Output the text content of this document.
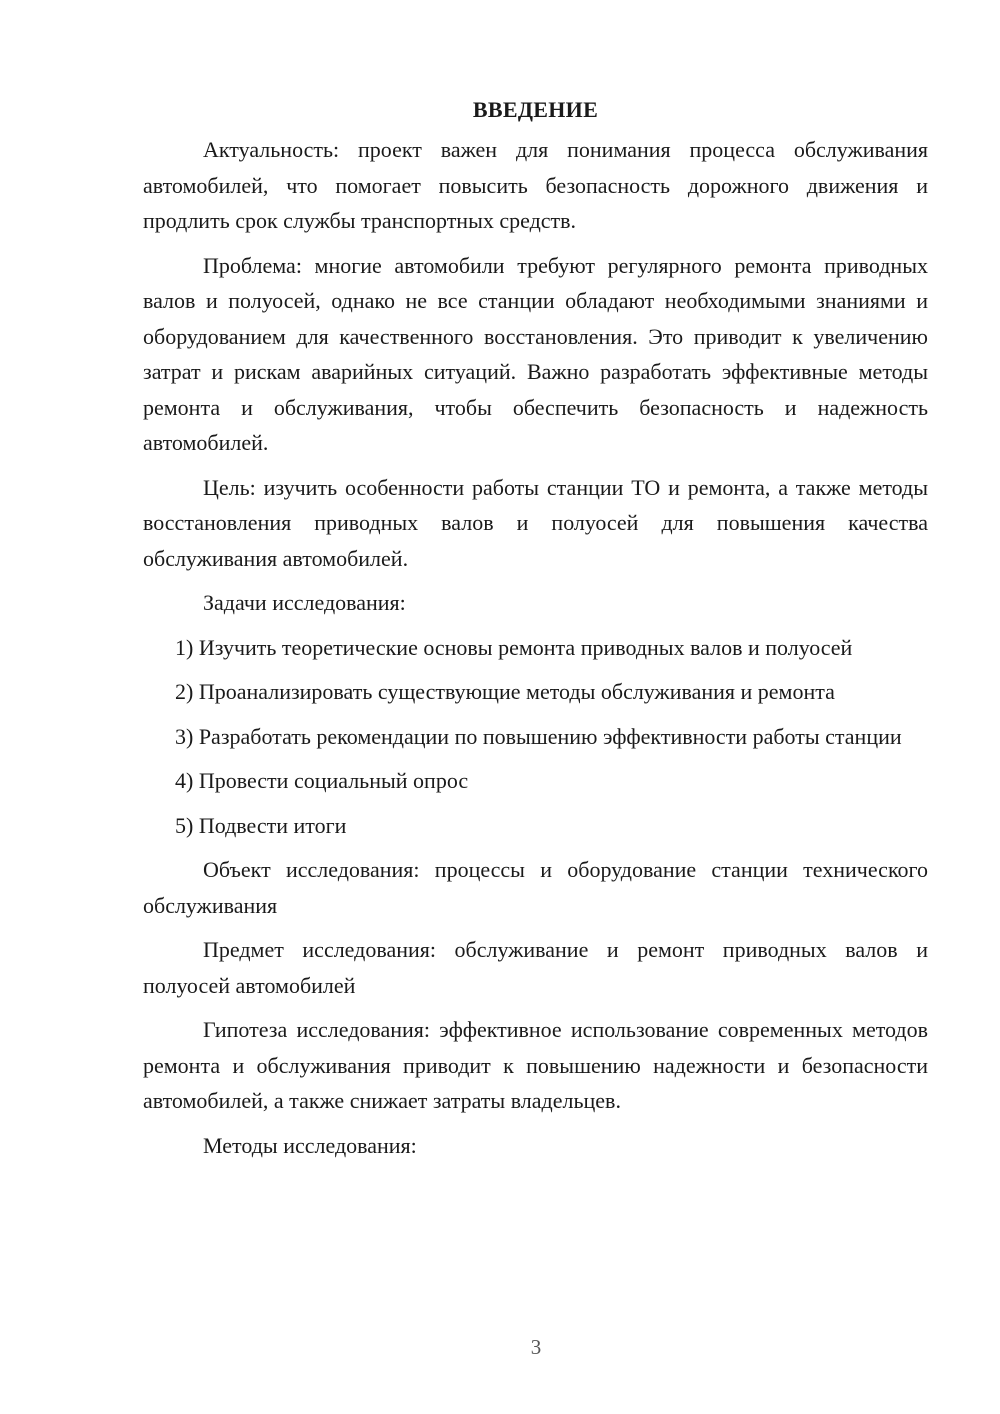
ВВЕДЕНИЕ

Актуальность: проект важен для понимания процесса обслуживания автомобилей, что помогает повысить безопасность дорожного движения и продлить срок службы транспортных средств.

Проблема: многие автомобили требуют регулярного ремонта приводных валов и полуосей, однако не все станции обладают необходимыми знаниями и оборудованием для качественного восстановления. Это приводит к увеличению затрат и рискам аварийных ситуаций. Важно разработать эффективные методы ремонта и обслуживания, чтобы обеспечить безопасность и надежность автомобилей.

Цель: изучить особенности работы станции ТО и ремонта, а также методы восстановления приводных валов и полуосей для повышения качества обслуживания автомобилей.

Задачи исследования:

1) Изучить теоретические основы ремонта приводных валов и полуосей

2) Проанализировать существующие методы обслуживания и ремонта

3) Разработать рекомендации по повышению эффективности работы станции

4) Провести социальный опрос

5) Подвести итоги

Объект исследования: процессы и оборудование станции технического обслуживания

Предмет исследования: обслуживание и ремонт приводных валов и полуосей автомобилей

Гипотеза исследования: эффективное использование современных методов ремонта и обслуживания приводит к повышению надежности и безопасности автомобилей, а также снижает затраты владельцев.

Методы исследования:

3
